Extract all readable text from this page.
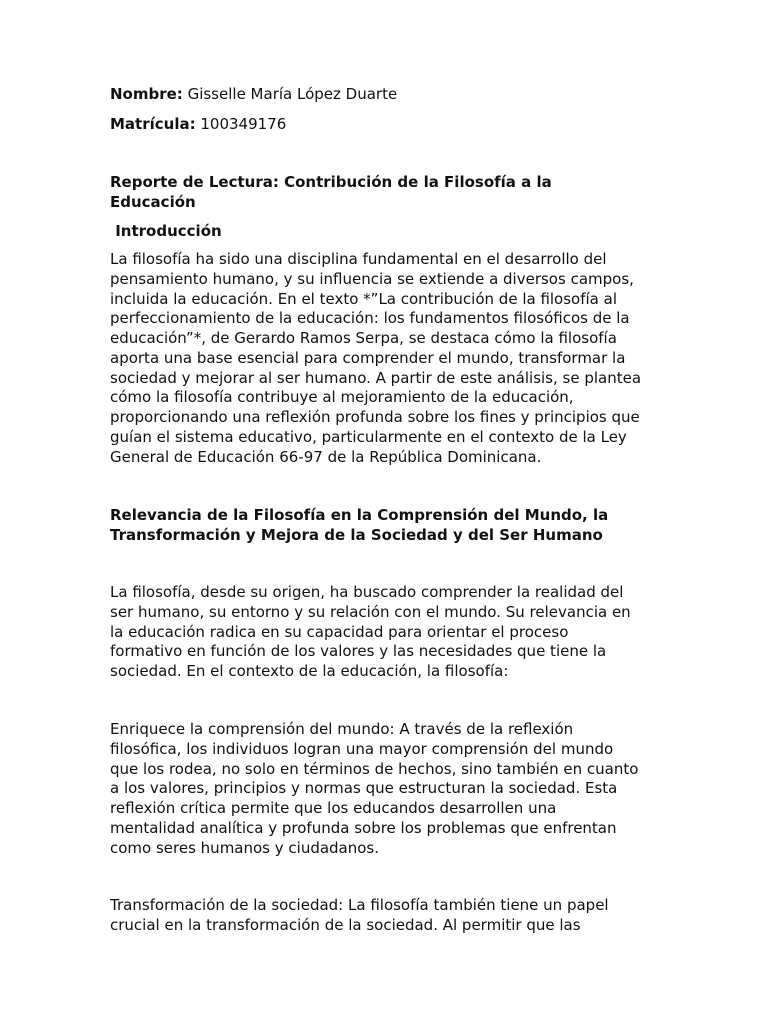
Nombre: Gisselle María López Duarte

Matrícula: 100349176

Reporte de Lectura: Contribución de la Filosofía a la
Educación

Introducción

La filosofía ha sido una disciplina fundamental en el desarrollo del
pensamiento humano, y su influencia se extiende a diversos campos,
incluida la educación. En el texto *”La contribución de la filosofía al
perfeccionamiento de la educación: los fundamentos filosóficos de la
educación”*, de Gerardo Ramos Serpa, se destaca cómo la filosofía
aporta una base esencial para comprender el mundo, transformar la
sociedad y mejorar al ser humano. A partir de este análisis, se plantea
cómo la filosofía contribuye al mejoramiento de la educación,
proporcionando una reflexión profunda sobre los fines y principios que
guían el sistema educativo, particularmente en el contexto de la Ley
General de Educación 66-97 de la República Dominicana.
Relevancia de la Filosofía en la Comprensión del Mundo, la
Transformación y Mejora de la Sociedad y del Ser Humano
La filosofía, desde su origen, ha buscado comprender la realidad del
ser humano, su entorno y su relación con el mundo. Su relevancia en
la educación radica en su capacidad para orientar el proceso
formativo en función de los valores y las necesidades que tiene la
sociedad. En el contexto de la educación, la filosofía:
Enriquece la comprensión del mundo: A través de la reflexión
filosófica, los individuos logran una mayor comprensión del mundo
que los rodea, no solo en términos de hechos, sino también en cuanto
a los valores, principios y normas que estructuran la sociedad. Esta
reflexión crítica permite que los educandos desarrollen una
mentalidad analítica y profunda sobre los problemas que enfrentan
como seres humanos y ciudadanos.
Transformación de la sociedad: La filosofía también tiene un papel
crucial en la transformación de la sociedad. Al permitir que las
